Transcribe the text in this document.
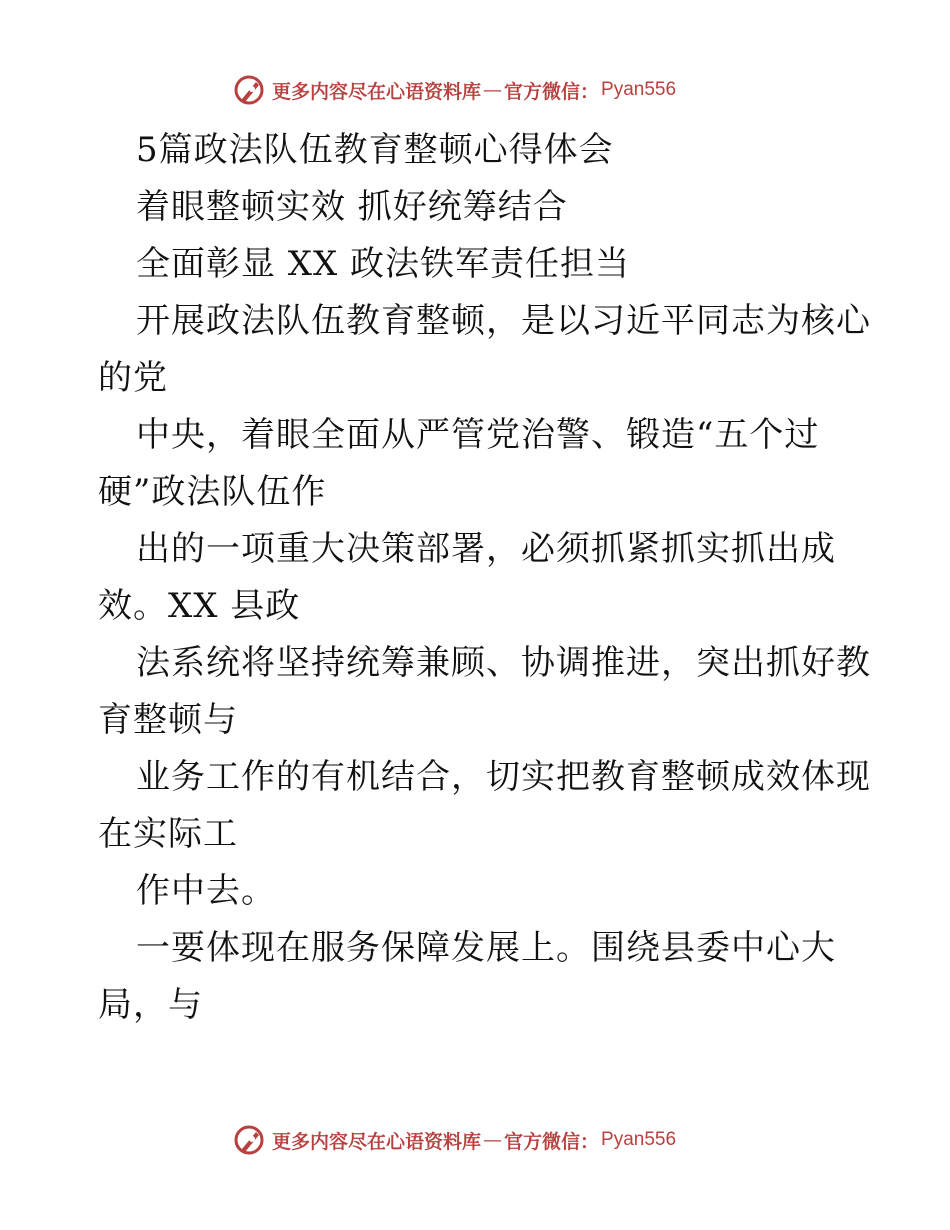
更多内容尽在心语资料库 — 官方微信： Pyan556
5篇政法队伍教育整顿心得体会
着眼整顿实效 抓好统筹结合
全面彰显 XX 政法铁军责任担当
开展政法队伍教育整顿，是以习近平同志为核心
的党
中央，着眼全面从严管党治警、锻造“五个过
硬”政法队伍作
出的一项重大决策部署，必须抓紧抓实抓出成
效。XX 县政
法系统将坚持统筹兼顾、协调推进，突出抓好教
育整顿与
业务工作的有机结合，切实把教育整顿成效体现
在实际工
作中去。
一要体现在服务保障发展上。围绕县委中心大
局，与
更多内容尽在心语资料库 — 官方微信： Pyan556
